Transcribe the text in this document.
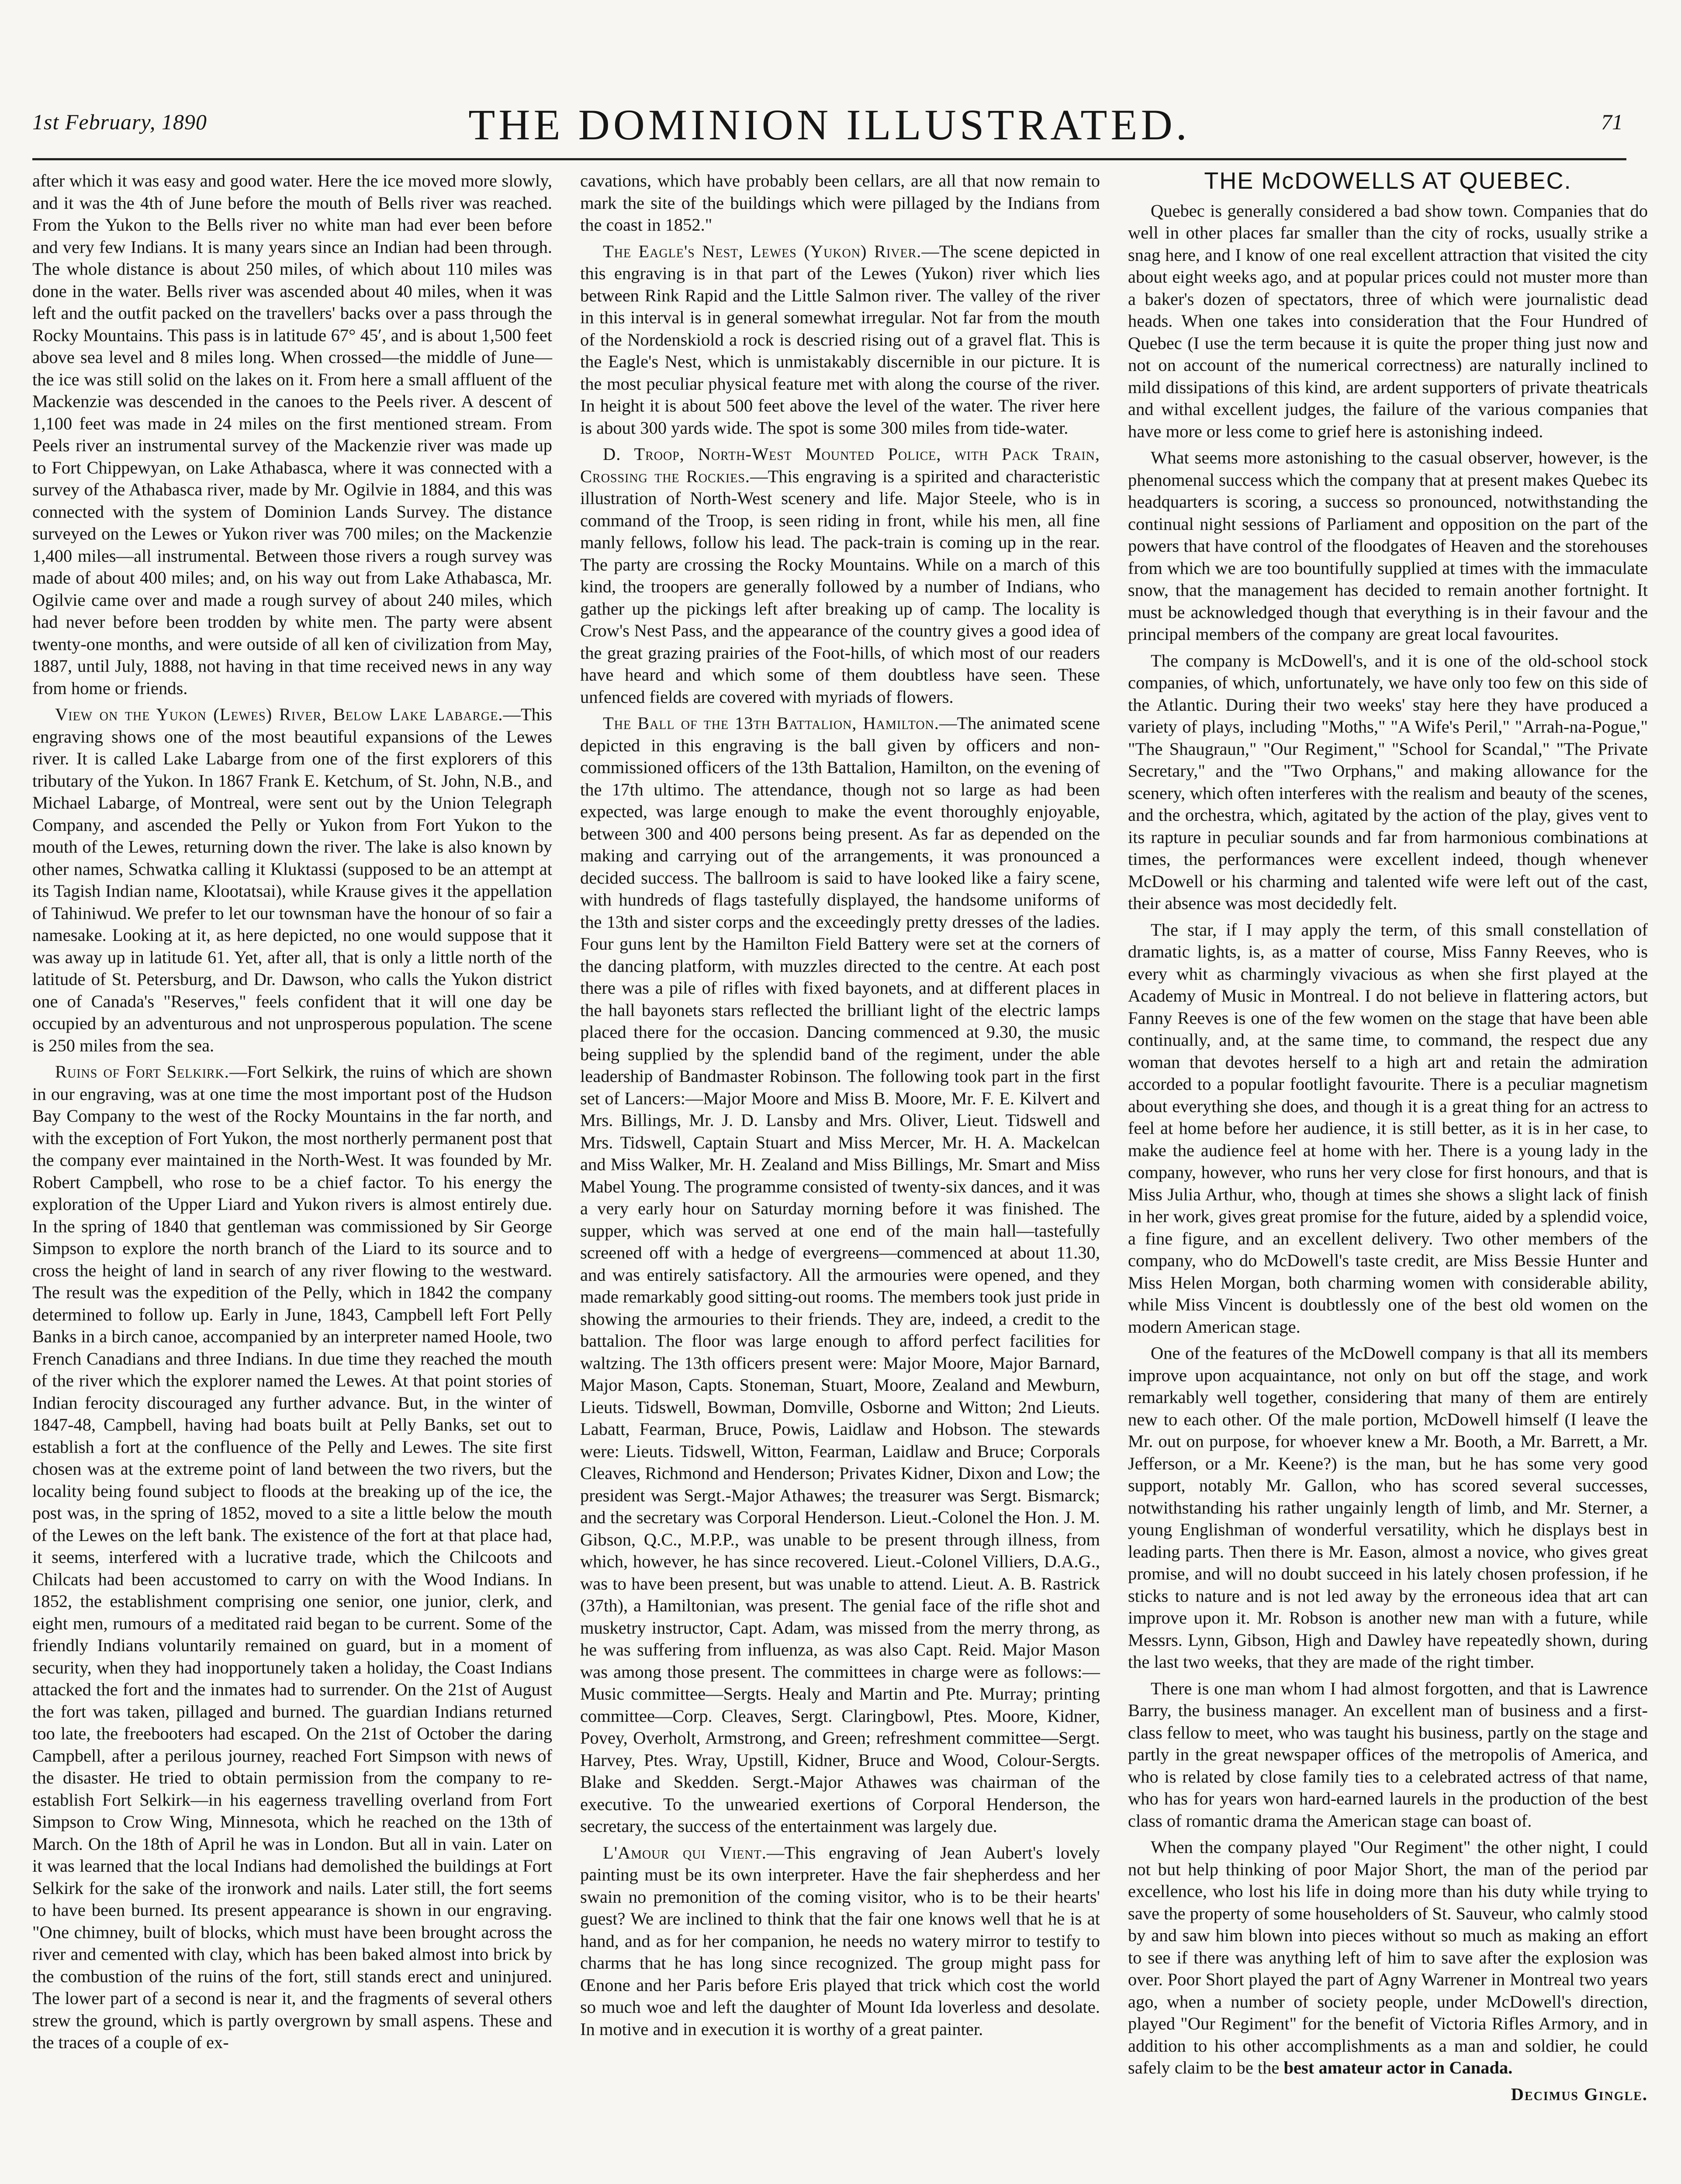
1st February, 1890	THE DOMINION ILLUSTRATED.	71

after which it was easy and good water. Here the ice moved more slowly, and it was the 4th of June before the mouth of Bells river was reached. From the Yukon to the Bells river no white man had ever been before and very few Indians. It is many years since an Indian had been through. The whole distance is about 250 miles, of which about 110 miles was done in the water. Bells river was ascended about 40 miles, when it was left and the outfit packed on the travellers' backs over a pass through the Rocky Mountains. This pass is in latitude 67° 45′, and is about 1,500 feet above sea level and 8 miles long. When crossed—the middle of June—the ice was still solid on the lakes on it. From here a small affluent of the Mackenzie was descended in the canoes to the Peels river. A descent of 1,100 feet was made in 24 miles on the first mentioned stream. From Peels river an instrumental survey of the Mackenzie river was made up to Fort Chippewyan, on Lake Athabasca, where it was connected with a survey of the Athabasca river, made by Mr. Ogilvie in 1884, and this was connected with the system of Dominion Lands Survey. The distance surveyed on the Lewes or Yukon river was 700 miles; on the Mackenzie 1,400 miles—all instrumental. Between those rivers a rough survey was made of about 400 miles; and, on his way out from Lake Athabasca, Mr. Ogilvie came over and made a rough survey of about 240 miles, which had never before been trodden by white men. The party were absent twenty-one months, and were outside of all ken of civilization from May, 1887, until July, 1888, not having in that time received news in any way from home or friends.

View on the Yukon (Lewes) River, Below Lake Labarge.—This engraving shows one of the most beautiful expansions of the Lewes river. It is called Lake Labarge from one of the first explorers of this tributary of the Yukon. In 1867 Frank E. Ketchum, of St. John, N.B., and Michael Labarge, of Montreal, were sent out by the Union Telegraph Company, and ascended the Pelly or Yukon from Fort Yukon to the mouth of the Lewes, returning down the river. The lake is also known by other names, Schwatka calling it Kluktassi (supposed to be an attempt at its Tagish Indian name, Klootatsai), while Krause gives it the appellation of Tahiniwud. We prefer to let our townsman have the honour of so fair a namesake. Looking at it, as here depicted, no one would suppose that it was away up in latitude 61. Yet, after all, that is only a little north of the latitude of St. Petersburg, and Dr. Dawson, who calls the Yukon district one of Canada's "Reserves," feels confident that it will one day be occupied by an adventurous and not unprosperous population. The scene is 250 miles from the sea.

Ruins of Fort Selkirk.—Fort Selkirk, the ruins of which are shown in our engraving, was at one time the most important post of the Hudson Bay Company to the west of the Rocky Mountains in the far north, and with the exception of Fort Yukon, the most northerly permanent post that the company ever maintained in the North-West. It was founded by Mr. Robert Campbell, who rose to be a chief factor. To his energy the exploration of the Upper Liard and Yukon rivers is almost entirely due. In the spring of 1840 that gentleman was commissioned by Sir George Simpson to explore the north branch of the Liard to its source and to cross the height of land in search of any river flowing to the westward. The result was the expedition of the Pelly, which in 1842 the company determined to follow up. Early in June, 1843, Campbell left Fort Pelly Banks in a birch canoe, accompanied by an interpreter named Hoole, two French Canadians and three Indians. In due time they reached the mouth of the river which the explorer named the Lewes. At that point stories of Indian ferocity discouraged any further advance. But, in the winter of 1847-48, Campbell, having had boats built at Pelly Banks, set out to establish a fort at the confluence of the Pelly and Lewes. The site first chosen was at the extreme point of land between the two rivers, but the locality being found subject to floods at the breaking up of the ice, the post was, in the spring of 1852, moved to a site a little below the mouth of the Lewes on the left bank. The existence of the fort at that place had, it seems, interfered with a lucrative trade, which the Chilcoots and Chilcats had been accustomed to carry on with the Wood Indians. In 1852, the establishment comprising one senior, one junior, clerk, and eight men, rumours of a meditated raid began to be current. Some of the friendly Indians voluntarily remained on guard, but in a moment of security, when they had inopportunely taken a holiday, the Coast Indians attacked the fort and the inmates had to surrender. On the 21st of August the fort was taken, pillaged and burned. The guardian Indians returned too late, the freebooters had escaped. On the 21st of October the daring Campbell, after a perilous journey, reached Fort Simpson with news of the disaster. He tried to obtain permission from the company to re-establish Fort Selkirk—in his eagerness travelling overland from Fort Simpson to Crow Wing, Minnesota, which he reached on the 13th of March. On the 18th of April he was in London. But all in vain. Later on it was learned that the local Indians had demolished the buildings at Fort Selkirk for the sake of the ironwork and nails. Later still, the fort seems to have been burned. Its present appearance is shown in our engraving. "One chimney, built of blocks, which must have been brought across the river and cemented with clay, which has been baked almost into brick by the combustion of the ruins of the fort, still stands erect and uninjured. The lower part of a second is near it, and the fragments of several others strew the ground, which is partly overgrown by small aspens. These and the traces of a couple of ex-

cavations, which have probably been cellars, are all that now remain to mark the site of the buildings which were pillaged by the Indians from the coast in 1852."

The Eagle's Nest, Lewes (Yukon) River.—The scene depicted in this engraving is in that part of the Lewes (Yukon) river which lies between Rink Rapid and the Little Salmon river. The valley of the river in this interval is in general somewhat irregular. Not far from the mouth of the Nordenskiold a rock is descried rising out of a gravel flat. This is the Eagle's Nest, which is unmistakably discernible in our picture. It is the most peculiar physical feature met with along the course of the river. In height it is about 500 feet above the level of the water. The river here is about 300 yards wide. The spot is some 300 miles from tide-water.

D. Troop, North-West Mounted Police, with Pack Train, Crossing the Rockies.—This engraving is a spirited and characteristic illustration of North-West scenery and life. Major Steele, who is in command of the Troop, is seen riding in front, while his men, all fine manly fellows, follow his lead. The pack-train is coming up in the rear. The party are crossing the Rocky Mountains. While on a march of this kind, the troopers are generally followed by a number of Indians, who gather up the pickings left after breaking up of camp. The locality is Crow's Nest Pass, and the appearance of the country gives a good idea of the great grazing prairies of the Foot-hills, of which most of our readers have heard and which some of them doubtless have seen. These unfenced fields are covered with myriads of flowers.

The Ball of the 13th Battalion, Hamilton.—The animated scene depicted in this engraving is the ball given by officers and non-commissioned officers of the 13th Battalion, Hamilton, on the evening of the 17th ultimo. The attendance, though not so large as had been expected, was large enough to make the event thoroughly enjoyable, between 300 and 400 persons being present. As far as depended on the making and carrying out of the arrangements, it was pronounced a decided success. The ballroom is said to have looked like a fairy scene, with hundreds of flags tastefully displayed, the handsome uniforms of the 13th and sister corps and the exceedingly pretty dresses of the ladies. Four guns lent by the Hamilton Field Battery were set at the corners of the dancing platform, with muzzles directed to the centre. At each post there was a pile of rifles with fixed bayonets, and at different places in the hall bayonets stars reflected the brilliant light of the electric lamps placed there for the occasion. Dancing commenced at 9.30, the music being supplied by the splendid band of the regiment, under the able leadership of Bandmaster Robinson. The following took part in the first set of Lancers:—Major Moore and Miss B. Moore, Mr. F. E. Kilvert and Mrs. Billings, Mr. J. D. Lansby and Mrs. Oliver, Lieut. Tidswell and Mrs. Tidswell, Captain Stuart and Miss Mercer, Mr. H. A. Mackelcan and Miss Walker, Mr. H. Zealand and Miss Billings, Mr. Smart and Miss Mabel Young. The programme consisted of twenty-six dances, and it was a very early hour on Saturday morning before it was finished. The supper, which was served at one end of the main hall—tastefully screened off with a hedge of evergreens—commenced at about 11.30, and was entirely satisfactory. All the armouries were opened, and they made remarkably good sitting-out rooms. The members took just pride in showing the armouries to their friends. They are, indeed, a credit to the battalion. The floor was large enough to afford perfect facilities for waltzing. The 13th officers present were: Major Moore, Major Barnard, Major Mason, Capts. Stoneman, Stuart, Moore, Zealand and Mewburn, Lieuts. Tidswell, Bowman, Domville, Osborne and Witton; 2nd Lieuts. Labatt, Fearman, Bruce, Powis, Laidlaw and Hobson. The stewards were: Lieuts. Tidswell, Witton, Fearman, Laidlaw and Bruce; Corporals Cleaves, Richmond and Henderson; Privates Kidner, Dixon and Low; the president was Sergt.-Major Athawes; the treasurer was Sergt. Bismarck; and the secretary was Corporal Henderson. Lieut.-Colonel the Hon. J. M. Gibson, Q.C., M.P.P., was unable to be present through illness, from which, however, he has since recovered. Lieut.-Colonel Villiers, D.A.G., was to have been present, but was unable to attend. Lieut. A. B. Rastrick (37th), a Hamiltonian, was present. The genial face of the rifle shot and musketry instructor, Capt. Adam, was missed from the merry throng, as he was suffering from influenza, as was also Capt. Reid. Major Mason was among those present. The committees in charge were as follows:—Music committee—Sergts. Healy and Martin and Pte. Murray; printing committee—Corp. Cleaves, Sergt. Claringbowl, Ptes. Moore, Kidner, Povey, Overholt, Armstrong, and Green; refreshment committee—Sergt. Harvey, Ptes. Wray, Upstill, Kidner, Bruce and Wood, Colour-Sergts. Blake and Skedden. Sergt.-Major Athawes was chairman of the executive. To the unwearied exertions of Corporal Henderson, the secretary, the success of the entertainment was largely due.

L'Amour qui Vient.—This engraving of Jean Aubert's lovely painting must be its own interpreter. Have the fair shepherdess and her swain no premonition of the coming visitor, who is to be their hearts' guest? We are inclined to think that the fair one knows well that he is at hand, and as for her companion, he needs no watery mirror to testify to charms that he has long since recognized. The group might pass for Œnone and her Paris before Eris played that trick which cost the world so much woe and left the daughter of Mount Ida loverless and desolate. In motive and in execution it is worthy of a great painter.

THE McDOWELLS AT QUEBEC.

Quebec is generally considered a bad show town. Companies that do well in other places far smaller than the city of rocks, usually strike a snag here, and I know of one real excellent attraction that visited the city about eight weeks ago, and at popular prices could not muster more than a baker's dozen of spectators, three of which were journalistic dead heads. When one takes into consideration that the Four Hundred of Quebec (I use the term because it is quite the proper thing just now and not on account of the numerical correctness) are naturally inclined to mild dissipations of this kind, are ardent supporters of private theatricals and withal excellent judges, the failure of the various companies that have more or less come to grief here is astonishing indeed.

What seems more astonishing to the casual observer, however, is the phenomenal success which the company that at present makes Quebec its headquarters is scoring, a success so pronounced, notwithstanding the continual night sessions of Parliament and opposition on the part of the powers that have control of the floodgates of Heaven and the storehouses from which we are too bountifully supplied at times with the immaculate snow, that the management has decided to remain another fortnight. It must be acknowledged though that everything is in their favour and the principal members of the company are great local favourites.

The company is McDowell's, and it is one of the old-school stock companies, of which, unfortunately, we have only too few on this side of the Atlantic. During their two weeks' stay here they have produced a variety of plays, including "Moths," "A Wife's Peril," "Arrah-na-Pogue," "The Shaugraun," "Our Regiment," "School for Scandal," "The Private Secretary," and the "Two Orphans," and making allowance for the scenery, which often interferes with the realism and beauty of the scenes, and the orchestra, which, agitated by the action of the play, gives vent to its rapture in peculiar sounds and far from harmonious combinations at times, the performances were excellent indeed, though whenever McDowell or his charming and talented wife were left out of the cast, their absence was most decidedly felt.

The star, if I may apply the term, of this small constellation of dramatic lights, is, as a matter of course, Miss Fanny Reeves, who is every whit as charmingly vivacious as when she first played at the Academy of Music in Montreal. I do not believe in flattering actors, but Fanny Reeves is one of the few women on the stage that have been able continually, and, at the same time, to command, the respect due any woman that devotes herself to a high art and retain the admiration accorded to a popular footlight favourite. There is a peculiar magnetism about everything she does, and though it is a great thing for an actress to feel at home before her audience, it is still better, as it is in her case, to make the audience feel at home with her. There is a young lady in the company, however, who runs her very close for first honours, and that is Miss Julia Arthur, who, though at times she shows a slight lack of finish in her work, gives great promise for the future, aided by a splendid voice, a fine figure, and an excellent delivery. Two other members of the company, who do McDowell's taste credit, are Miss Bessie Hunter and Miss Helen Morgan, both charming women with considerable ability, while Miss Vincent is doubtlessly one of the best old women on the modern American stage.

One of the features of the McDowell company is that all its members improve upon acquaintance, not only on but off the stage, and work remarkably well together, considering that many of them are entirely new to each other. Of the male portion, McDowell himself (I leave the Mr. out on purpose, for whoever knew a Mr. Booth, a Mr. Barrett, a Mr. Jefferson, or a Mr. Keene?) is the man, but he has some very good support, notably Mr. Gallon, who has scored several successes, notwithstanding his rather ungainly length of limb, and Mr. Sterner, a young Englishman of wonderful versatility, which he displays best in leading parts. Then there is Mr. Eason, almost a novice, who gives great promise, and will no doubt succeed in his lately chosen profession, if he sticks to nature and is not led away by the erroneous idea that art can improve upon it. Mr. Robson is another new man with a future, while Messrs. Lynn, Gibson, High and Dawley have repeatedly shown, during the last two weeks, that they are made of the right timber.

There is one man whom I had almost forgotten, and that is Lawrence Barry, the business manager. An excellent man of business and a first-class fellow to meet, who was taught his business, partly on the stage and partly in the great newspaper offices of the metropolis of America, and who is related by close family ties to a celebrated actress of that name, who has for years won hard-earned laurels in the production of the best class of romantic drama the American stage can boast of.

When the company played "Our Regiment" the other night, I could not but help thinking of poor Major Short, the man of the period par excellence, who lost his life in doing more than his duty while trying to save the property of some householders of St. Sauveur, who calmly stood by and saw him blown into pieces without so much as making an effort to see if there was anything left of him to save after the explosion was over. Poor Short played the part of Agny Warrener in Montreal two years ago, when a number of society people, under McDowell's direction, played "Our Regiment" for the benefit of Victoria Rifles Armory, and in addition to his other accomplishments as a man and soldier, he could safely claim to be the best amateur actor in Canada.

Decimus Gingle.
